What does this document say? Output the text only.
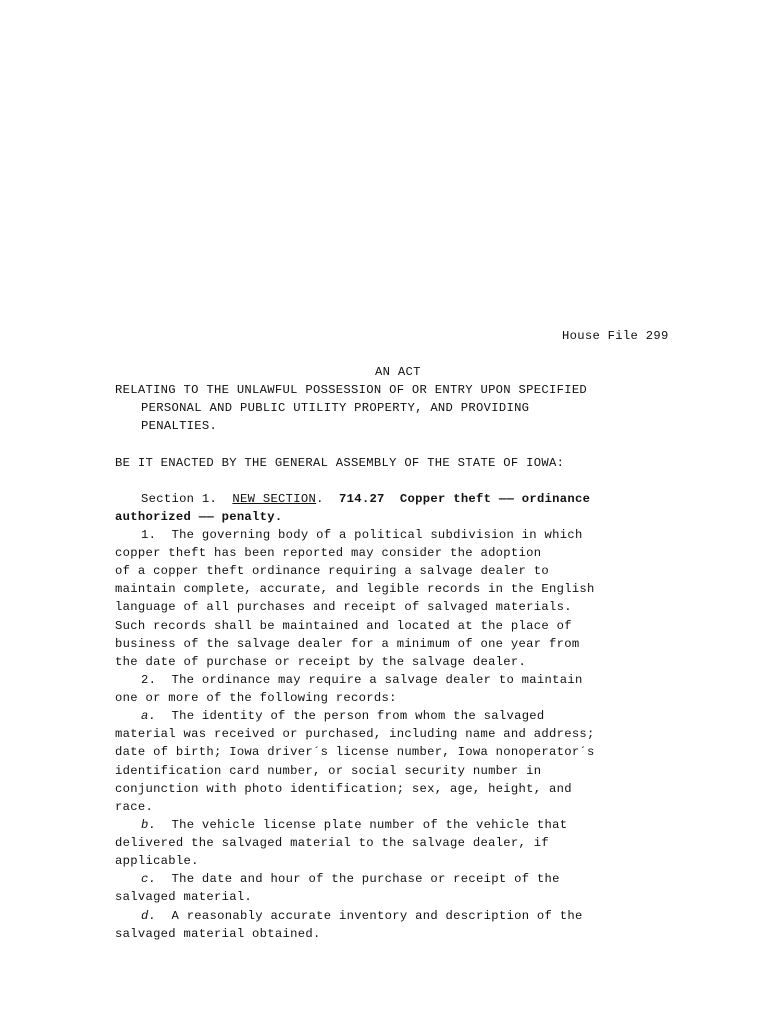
House File 299
AN ACT
RELATING TO THE UNLAWFUL POSSESSION OF OR ENTRY UPON SPECIFIED
PERSONAL AND PUBLIC UTILITY PROPERTY, AND PROVIDING
PENALTIES.
BE IT ENACTED BY THE GENERAL ASSEMBLY OF THE STATE OF IOWA:
Section 1. NEW SECTION.  714.27 Copper theft —— ordinance
authorized —— penalty.
1.  The governing body of a political subdivision in which
copper theft has been reported may consider the adoption
of a copper theft ordinance requiring a salvage dealer to
maintain complete, accurate, and legible records in the English
language of all purchases and receipt of salvaged materials.
Such records shall be maintained and located at the place of
business of the salvage dealer for a minimum of one year from
the date of purchase or receipt by the salvage dealer.
2.  The ordinance may require a salvage dealer to maintain
one or more of the following records:
a.  The identity of the person from whom the salvaged
material was received or purchased, including name and address;
date of birth; Iowa driver´s license number, Iowa nonoperator´s
identification card number, or social security number in
conjunction with photo identification; sex, age, height, and
race.
b.  The vehicle license plate number of the vehicle that
delivered the salvaged material to the salvage dealer, if
applicable.
c.  The date and hour of the purchase or receipt of the
salvaged material.
d.  A reasonably accurate inventory and description of the
salvaged material obtained.
